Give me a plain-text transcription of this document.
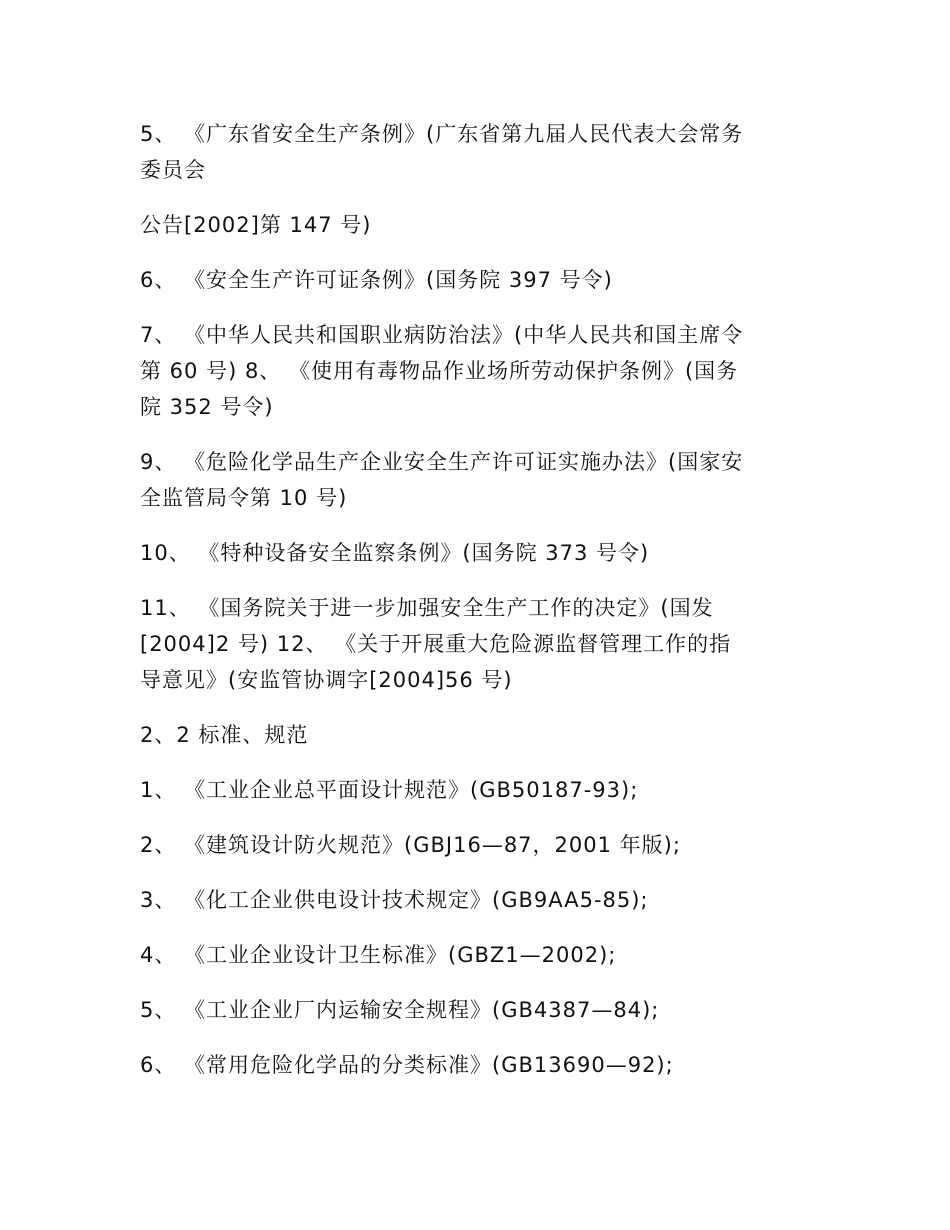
5、 《广东省安全生产条例》(广东省第九届人民代表大会常务
委员会

公告[2002]第 147 号)

6、 《安全生产许可证条例》(国务院 397 号令)

7、 《中华人民共和国职业病防治法》(中华人民共和国主席令
第 60 号) 8、 《使用有毒物品作业场所劳动保护条例》(国务
院 352 号令)

9、 《危险化学品生产企业安全生产许可证实施办法》(国家安
全监管局令第 10 号)

10、 《特种设备安全监察条例》(国务院 373 号令)

11、 《国务院关于进一步加强安全生产工作的决定》(国发
[2004]2 号) 12、 《关于开展重大危险源监督管理工作的指
导意见》(安监管协调字[2004]56 号)

2、2 标准、规范

1、 《工业企业总平面设计规范》(GB50187-93);

2、 《建筑设计防火规范》(GBJ16—87，2001 年版);

3、 《化工企业供电设计技术规定》(GB9AA5-85);

4、 《工业企业设计卫生标准》(GBZ1—2002);

5、 《工业企业厂内运输安全规程》(GB4387—84);

6、 《常用危险化学品的分类标准》(GB13690—92);
